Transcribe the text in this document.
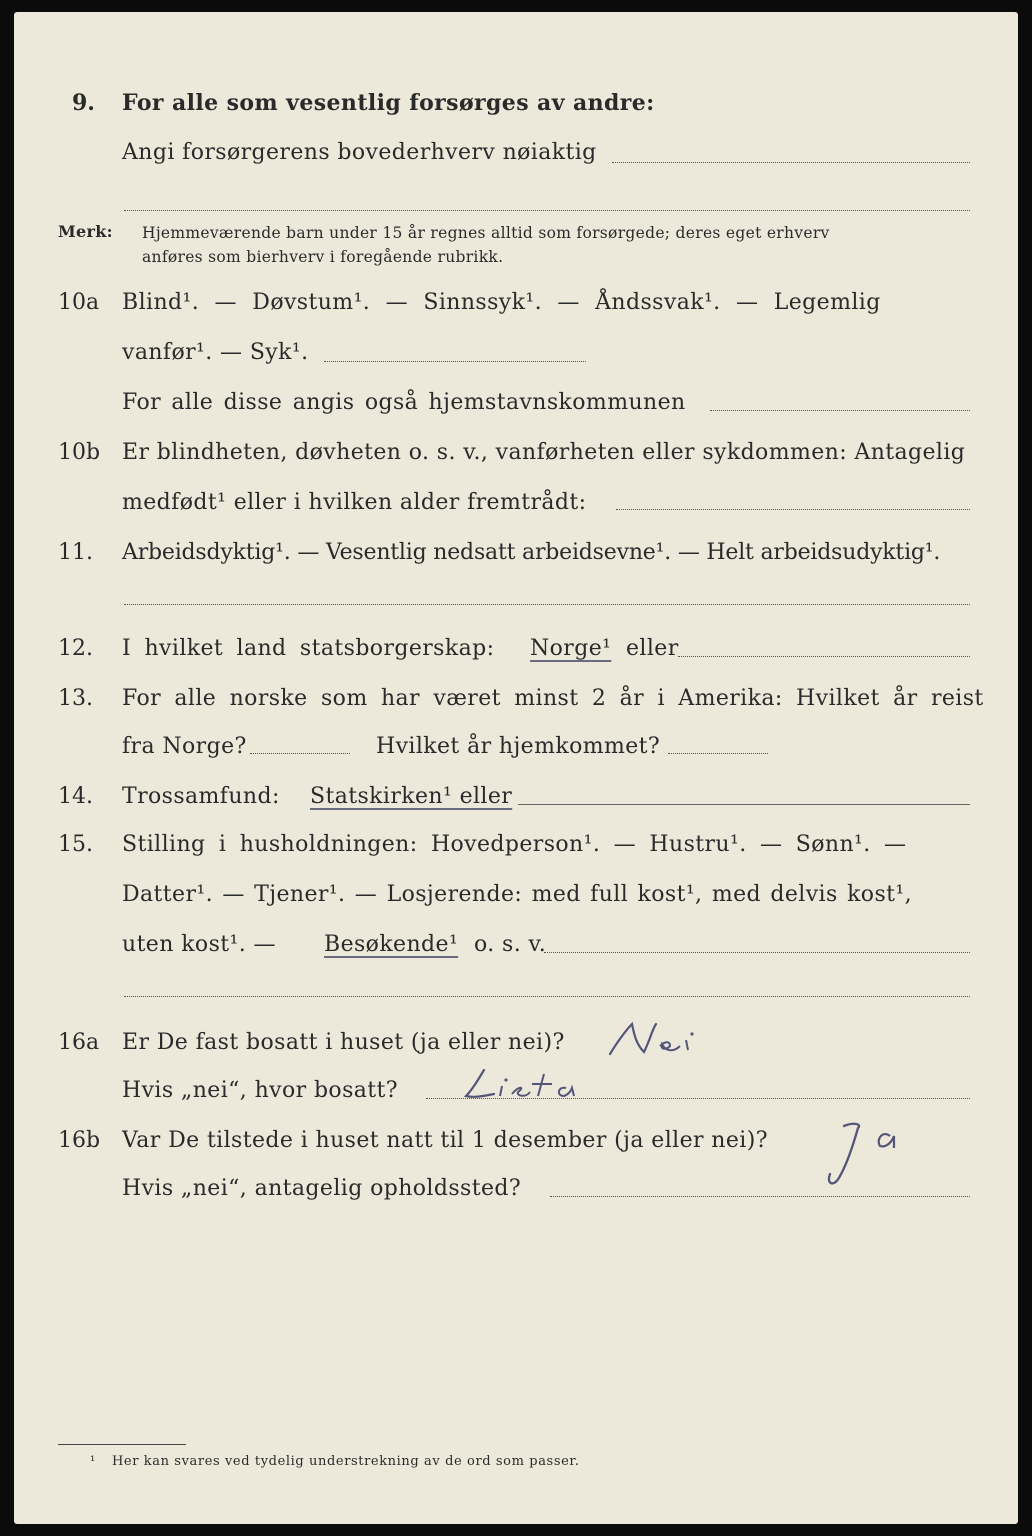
9. For alle som vesentlig forsørges av andre:
Angi forsørgerens bovederhverv nøiaktig
Merk: Hjemmeværende barn under 15 år regnes alltid som forsørgede; deres eget erhverv
anføres som bierhverv i foregående rubrikk.
10a Blind¹. — Døvstum¹. — Sinnssyk¹. — Åndssvak¹. — Legemlig
vanfør¹. — Syk¹.
For alle disse angis også hjemstavnskommunen
10b Er blindheten, døvheten o. s. v., vanførheten eller sykdommen: Antagelig
medfødt¹ eller i hvilken alder fremtrådt:
11. Arbeidsdyktig¹. — Vesentlig nedsatt arbeidsevne¹. — Helt arbeidsudyktig¹.
12. I hvilket land statsborgerskap: Norge¹ eller
13. For alle norske som har været minst 2 år i Amerika: Hvilket år reist
fra Norge?	Hvilket år hjemkommet?
14. Trossamfund: Statskirken¹ eller
15. Stilling i husholdningen: Hovedperson¹. — Hustru¹. — Sønn¹. —
Datter¹. — Tjener¹. — Losjerende: med full kost¹, med delvis kost¹,
uten kost¹. — Besøkende¹ o. s. v.
16a Er De fast bosatt i huset (ja eller nei)?
Hvis „nei“, hvor bosatt?
16b Var De tilstede i huset natt til 1 desember (ja eller nei)?
Hvis „nei“, antagelig opholdssted?
¹ Her kan svares ved tydelig understrekning av de ord som passer.
